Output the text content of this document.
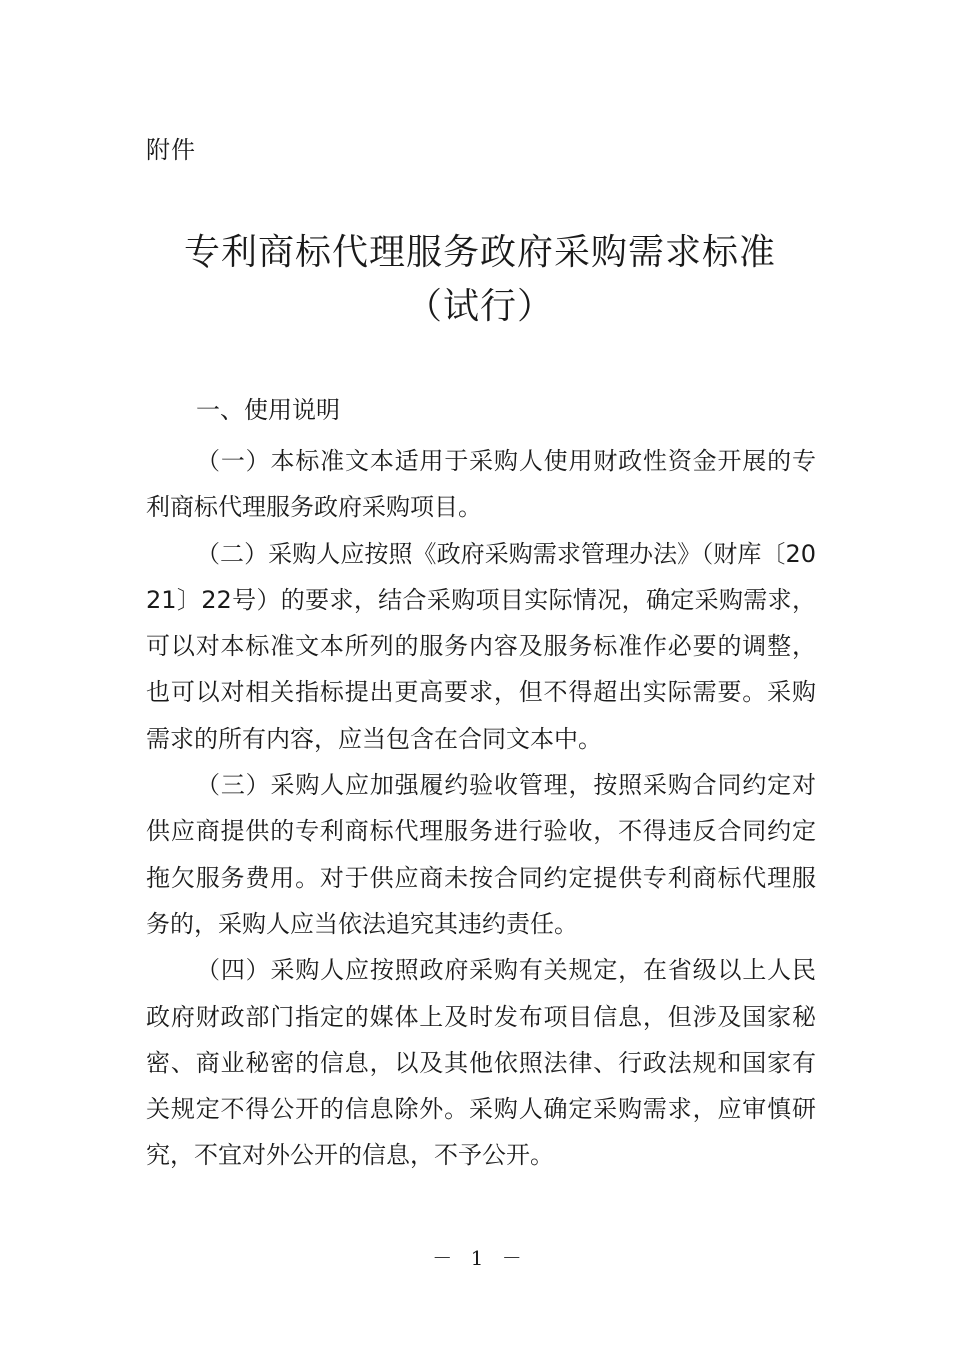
附件
专利商标代理服务政府采购需求标准
（试行）
一、使用说明

（一）本标准文本适用于采购人使用财政性资金开展的专利商标代理服务政府采购项目。

（二）采购人应按照《政府采购需求管理办法》（财库〔2021〕22号）的要求，结合采购项目实际情况，确定采购需求，可以对本标准文本所列的服务内容及服务标准作必要的调整，也可以对相关指标提出更高要求，但不得超出实际需要。采购需求的所有内容，应当包含在合同文本中。

（三）采购人应加强履约验收管理，按照采购合同约定对供应商提供的专利商标代理服务进行验收，不得违反合同约定拖欠服务费用。对于供应商未按合同约定提供专利商标代理服务的，采购人应当依法追究其违约责任。

（四）采购人应按照政府采购有关规定，在省级以上人民政府财政部门指定的媒体上及时发布项目信息，但涉及国家秘密、商业秘密的信息，以及其他依照法律、行政法规和国家有关规定不得公开的信息除外。采购人确定采购需求，应审慎研究，不宜对外公开的信息，不予公开。

－ 1 －
